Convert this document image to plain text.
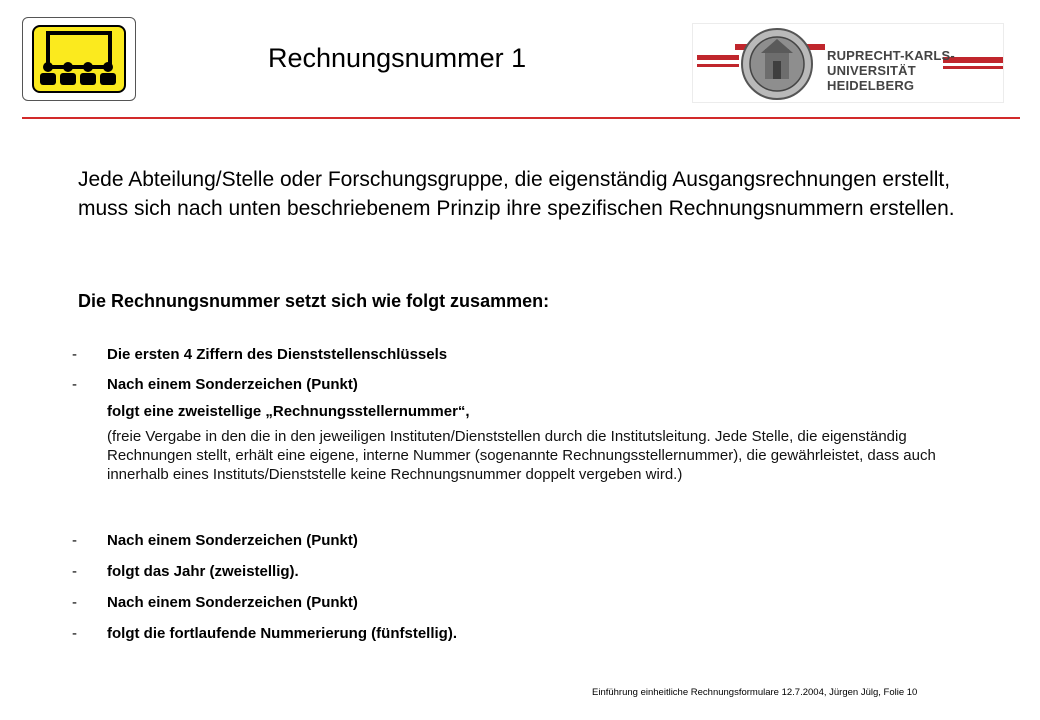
Rechnungsnummer 1	RUPRECHT-KARLS-
UNIVERSITÄT
HEIDELBERG
Jede Abteilung/Stelle oder Forschungsgruppe, die eigenständig Ausgangsrechnungen erstellt, muss sich nach unten beschriebenem Prinzip ihre spezifischen Rechnungsnummern erstellen.
Die Rechnungsnummer setzt sich wie folgt zusammen:
- Die ersten 4 Ziffern des Dienststellenschlüssels
- Nach einem Sonderzeichen (Punkt)
folgt eine zweistellige „Rechnungsstellernummer“,
(freie Vergabe in den die in den jeweiligen Instituten/Dienststellen durch die Institutsleitung. Jede Stelle, die eigenständig Rechnungen stellt, erhält eine eigene, interne Nummer (sogenannte Rechnungsstellernummer), die gewährleistet, dass auch innerhalb eines Instituts/Dienststelle keine Rechnungsnummer doppelt vergeben wird.)
- Nach einem Sonderzeichen (Punkt)
- folgt das Jahr (zweistellig).
- Nach einem Sonderzeichen (Punkt)
- folgt die fortlaufende Nummerierung (fünfstellig).
Einführung einheitliche Rechnungsformulare 12.7.2004, Jürgen Jülg, Folie 10
